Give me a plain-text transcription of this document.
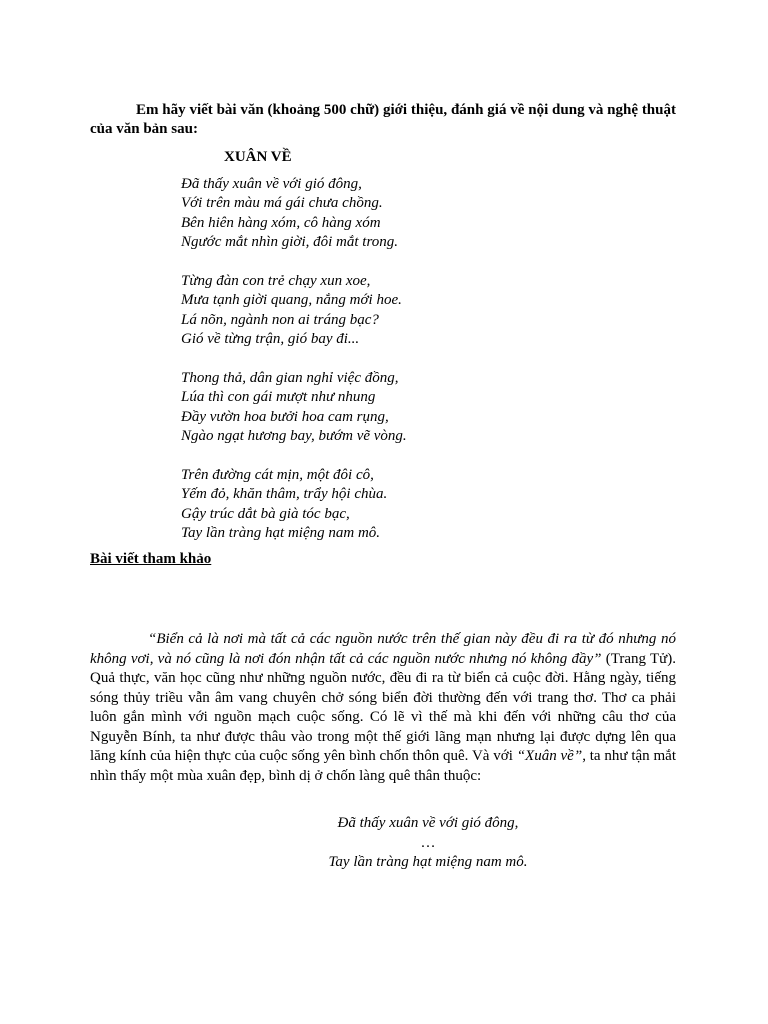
Em hãy viết bài văn (khoảng 500 chữ) giới thiệu, đánh giá về nội dung và nghệ thuật của văn bản sau:

XUÂN VỀ

Đã thấy xuân về với gió đông,
Với trên màu má gái chưa chồng.
Bên hiên hàng xóm, cô hàng xóm
Ngước mắt nhìn giời, đôi mắt trong.
Từng đàn con trẻ chạy xun xoe,
Mưa tạnh giời quang, nắng mới hoe.
Lá nõn, ngành non ai tráng bạc?
Gió về từng trận, gió bay đi...
Thong thả, dân gian nghỉ việc đồng,
Lúa thì con gái mượt như nhung
Đầy vườn hoa bưởi hoa cam rụng,
Ngào ngạt hương bay, bướm vẽ vòng.
Trên đường cát mịn, một đôi cô,
Yếm đỏ, khăn thâm, trẩy hội chùa.
Gậy trúc dắt bà già tóc bạc,
Tay lần tràng hạt miệng nam mô.

Bài viết tham khảo

“Biển cả là nơi mà tất cả các nguồn nước trên thế gian này đều đi ra từ đó nhưng nó không vơi, và nó cũng là nơi đón nhận tất cả các nguồn nước nhưng nó không đầy” (Trang Tử). Quả thực, văn học cũng như những nguồn nước, đều đi ra từ biển cả cuộc đời. Hằng ngày, tiếng sóng thủy triều vẫn âm vang chuyên chở sóng biển đời thường đến với trang thơ. Thơ ca phải luôn gắn mình với nguồn mạch cuộc sống. Có lẽ vì thế mà khi đến với những câu thơ của Nguyễn Bính, ta như được thâu vào trong một thế giới lãng mạn nhưng lại được dựng lên qua lăng kính của hiện thực của cuộc sống yên bình chốn thôn quê. Và với “Xuân về”, ta như tận mắt nhìn thấy một mùa xuân đẹp, bình dị ở chốn làng quê thân thuộc:

Đã thấy xuân về với gió đông,
…
Tay lần tràng hạt miệng nam mô.
